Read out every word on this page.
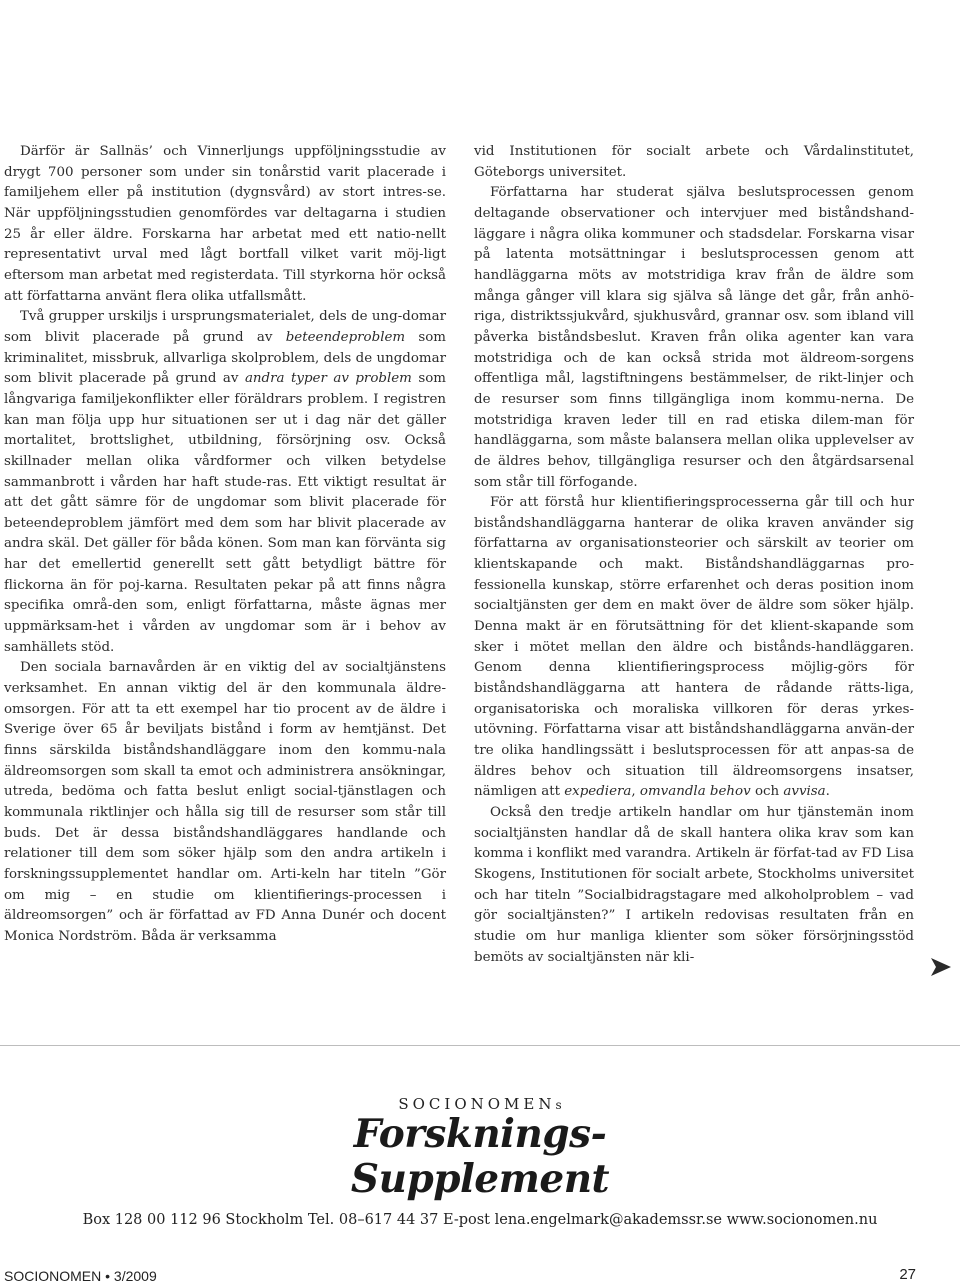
Därför är Sallnäs’ och Vinnerljungs uppföljningsstudie av drygt 700 personer som under sin tonårstid varit placerade i familjehem eller på institution (dygnsvård) av stort intres-se. När uppföljningsstudien genomfördes var deltagarna i studien 25 år eller äldre. Forskarna har arbetat med ett natio-nellt representativt urval med lågt bortfall vilket varit möj-ligt eftersom man arbetat med registerdata. Till styrkorna hör också att författarna använt flera olika utfallsmått.

Två grupper urskiljs i ursprungsmaterialet, dels de ung-domar som blivit placerade på grund av beteendeproblem som kriminalitet, missbruk, allvarliga skolproblem, dels de ungdomar som blivit placerade på grund av andra typer av problem som långvariga familjekonflikter eller föräldrars problem. I registren kan man följa upp hur situationen ser ut i dag när det gäller mortalitet, brottslighet, utbildning, försörjning osv. Också skillnader mellan olika vårdformer och vilken betydelse sammanbrott i vården har haft stude-ras. Ett viktigt resultat är att det gått sämre för de ungdomar som blivit placerade för beteendeproblem jämfört med dem som har blivit placerade av andra skäl. Det gäller för båda könen. Som man kan förvänta sig har det emellertid generellt sett gått betydligt bättre för flickorna än för poj-karna. Resultaten pekar på att finns några specifika områ-den som, enligt författarna, måste ägnas mer uppmärksam-het i vården av ungdomar som är i behov av samhällets stöd.

Den sociala barnavården är en viktig del av socialtjänstens verksamhet. En annan viktig del är den kommunala äldre-omsorgen. För att ta ett exempel har tio procent av de äldre i Sverige över 65 år beviljats bistånd i form av hemtjänst. Det finns särskilda biståndshandläggare inom den kommu-nala äldreomsorgen som skall ta emot och administrera ansökningar, utreda, bedöma och fatta beslut enligt social-tjänstlagen och kommunala riktlinjer och hålla sig till de resurser som står till buds. Det är dessa biståndshandläggares handlande och relationer till dem som söker hjälp som den andra artikeln i forskningssupplementet handlar om. Arti-keln har titeln ”Gör om mig – en studie om klientifierings-processen i äldreomsorgen” och är författad av FD Anna Dunér och docent Monica Nordström. Båda är verksamma

vid Institutionen för socialt arbete och Vårdalinstitutet, Göteborgs universitet.

Författarna har studerat själva beslutsprocessen genom deltagande observationer och intervjuer med biståndshand-läggare i några olika kommuner och stadsdelar. Forskarna visar på latenta motsättningar i beslutsprocessen genom att handläggarna möts av motstridiga krav från de äldre som många gånger vill klara sig själva så länge det går, från anhö-riga, distriktssjukvård, sjukhusvård, grannar osv. som ibland vill påverka biståndsbeslut. Kraven från olika agenter kan vara motstridiga och de kan också strida mot äldreom-sorgens offentliga mål, lagstiftningens bestämmelser, de rikt-linjer och de resurser som finns tillgängliga inom kommu-nerna. De motstridiga kraven leder till en rad etiska dilem-man för handläggarna, som måste balansera mellan olika upplevelser av de äldres behov, tillgängliga resurser och den åtgärdsarsenal som står till förfogande.

För att förstå hur klientifieringsprocesserna går till och hur biståndshandläggarna hanterar de olika kraven använder sig författarna av organisationsteorier och särskilt av teorier om klientskapande och makt. Biståndshandläggarnas pro-fessionella kunskap, större erfarenhet och deras position inom socialtjänsten ger dem en makt över de äldre som söker hjälp. Denna makt är en förutsättning för det klient-skapande som sker i mötet mellan den äldre och bistånds-handläggaren. Genom denna klientifieringsprocess möjlig-görs för biståndshandläggarna att hantera de rådande rätts-liga, organisatoriska och moraliska villkoren för deras yrkes-utövning. Författarna visar att biståndshandläggarna använ-der tre olika handlingssätt i beslutsprocessen för att anpas-sa de äldres behov och situation till äldreomsorgens insatser, nämligen att expediera, omvandla behov och avvisa.

Också den tredje artikeln handlar om hur tjänstemän inom socialtjänsten handlar då de skall hantera olika krav som kan komma i konflikt med varandra. Artikeln är förfat-tad av FD Lisa Skogens, Institutionen för socialt arbete, Stockholms universitet och har titeln ”Socialbidragstagare med alkoholproblem – vad gör socialtjänsten?” I artikeln redovisas resultaten från en studie om hur manliga klienter som söker försörjningsstöd bemöts av socialtjänsten när kli-

SOCIONOMENs
Forsknings-
Supplement
Box 128 00 112 96 Stockholm Tel. 08–617 44 37 E-post lena.engelmark@akademssr.se www.socionomen.nu
SOCIONOMEN • 3/2009	27
